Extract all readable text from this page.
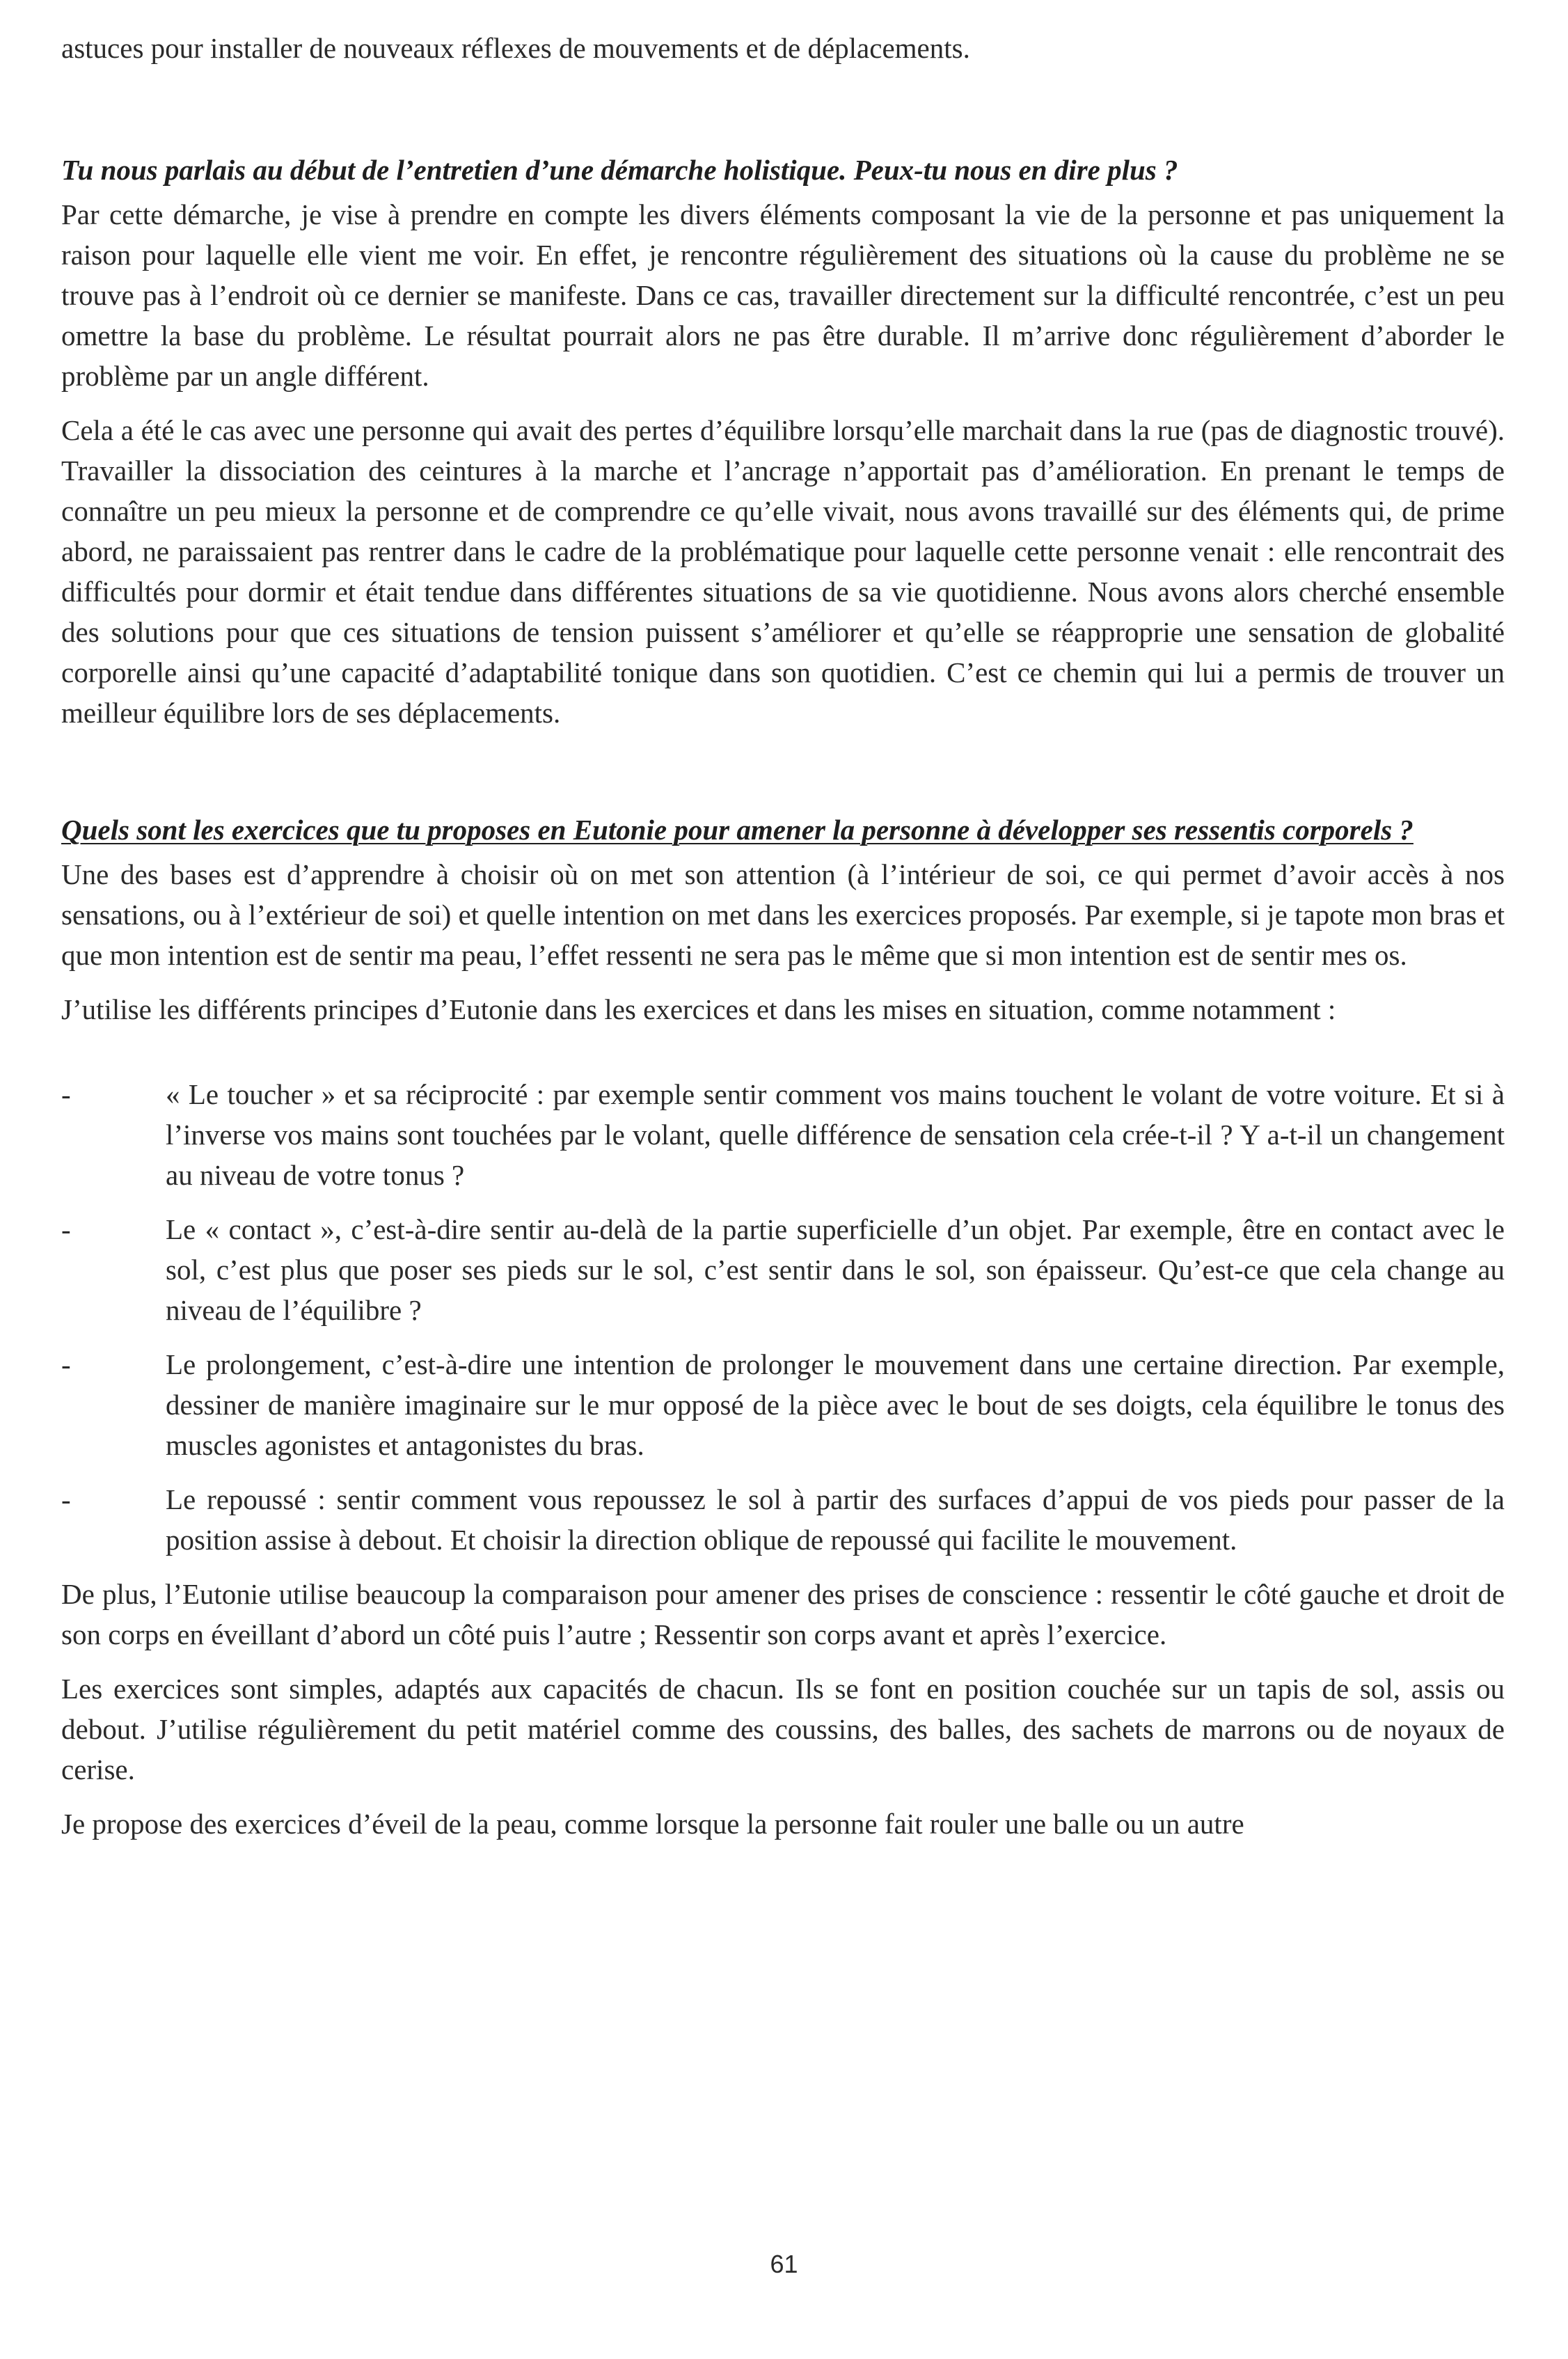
astuces pour installer de nouveaux réflexes de mouvements et de déplacements.

Tu nous parlais au début de l’entretien d’une démarche holistique. Peux-tu nous en dire plus ?

Par cette démarche, je vise à prendre en compte les divers éléments composant la vie de la personne et pas uniquement la raison pour laquelle elle vient me voir. En effet, je rencontre régulièrement des situations où la cause du problème ne se trouve pas à l’endroit où ce dernier se manifeste. Dans ce cas, travailler directement sur la difficulté rencontrée, c’est un peu omettre la base du problème. Le résultat pourrait alors ne pas être durable. Il m’arrive donc régulièrement d’aborder le problème par un angle différent.

Cela a été le cas avec une personne qui avait des pertes d’équilibre lorsqu’elle marchait dans la rue (pas de diagnostic trouvé). Travailler la dissociation des ceintures à la marche et l’ancrage n’apportait pas d’amélioration. En prenant le temps de connaître un peu mieux la personne et de comprendre ce qu’elle vivait, nous avons travaillé sur des éléments qui, de prime abord, ne paraissaient pas rentrer dans le cadre de la problématique pour laquelle cette personne venait : elle rencontrait des difficultés pour dormir et était tendue dans différentes situations de sa vie quotidienne. Nous avons alors cherché ensemble des solutions pour que ces situations de tension puissent s’améliorer et qu’elle se réapproprie une sensation de globalité corporelle ainsi qu’une capacité d’adaptabilité tonique dans son quotidien. C’est ce chemin qui lui a permis de trouver un meilleur équilibre lors de ses déplacements.

Quels sont les exercices que tu proposes en Eutonie pour amener la personne à développer ses ressentis corporels ?

Une des bases est d’apprendre à choisir où on met son attention (à l’intérieur de soi, ce qui permet d’avoir accès à nos sensations, ou à l’extérieur de soi) et quelle intention on met dans les exercices proposés. Par exemple, si je tapote mon bras et que mon intention est de sentir ma peau, l’effet ressenti ne sera pas le même que si mon intention est de sentir mes os.

J’utilise les différents principes d’Eutonie dans les exercices et dans les mises en situation, comme notamment :

-	« Le toucher » et sa réciprocité : par exemple sentir comment vos mains touchent le volant de votre voiture. Et si à l’inverse vos mains sont touchées par le volant, quelle différence de sensation cela crée-t-il ? Y a-t-il un changement au niveau de votre tonus ?

-	Le « contact », c’est-à-dire sentir au-delà de la partie superficielle d’un objet. Par exemple, être en contact avec le sol, c’est plus que poser ses pieds sur le sol, c’est sentir dans le sol, son épaisseur. Qu’est-ce que cela change au niveau de l’équilibre ?

-	Le prolongement, c’est-à-dire une intention de prolonger le mouvement dans une certaine direction. Par exemple, dessiner de manière imaginaire sur le mur opposé de la pièce avec le bout de ses doigts, cela équilibre le tonus des muscles agonistes et antagonistes du bras.

-	Le repoussé : sentir comment vous repoussez le sol à partir des surfaces d’appui de vos pieds pour passer de la position assise à debout. Et choisir la direction oblique de repoussé qui facilite le mouvement.

De plus, l’Eutonie utilise beaucoup la comparaison pour amener des prises de conscience : ressentir le côté gauche et droit de son corps en éveillant d’abord un côté puis l’autre ; Ressentir son corps avant et après l’exercice.

Les exercices sont simples, adaptés aux capacités de chacun. Ils se font en position couchée sur un tapis de sol, assis ou debout. J’utilise régulièrement du petit matériel comme des coussins, des balles, des sachets de marrons ou de noyaux de cerise.

Je propose des exercices d’éveil de la peau, comme lorsque la personne fait rouler une balle ou un autre

61
